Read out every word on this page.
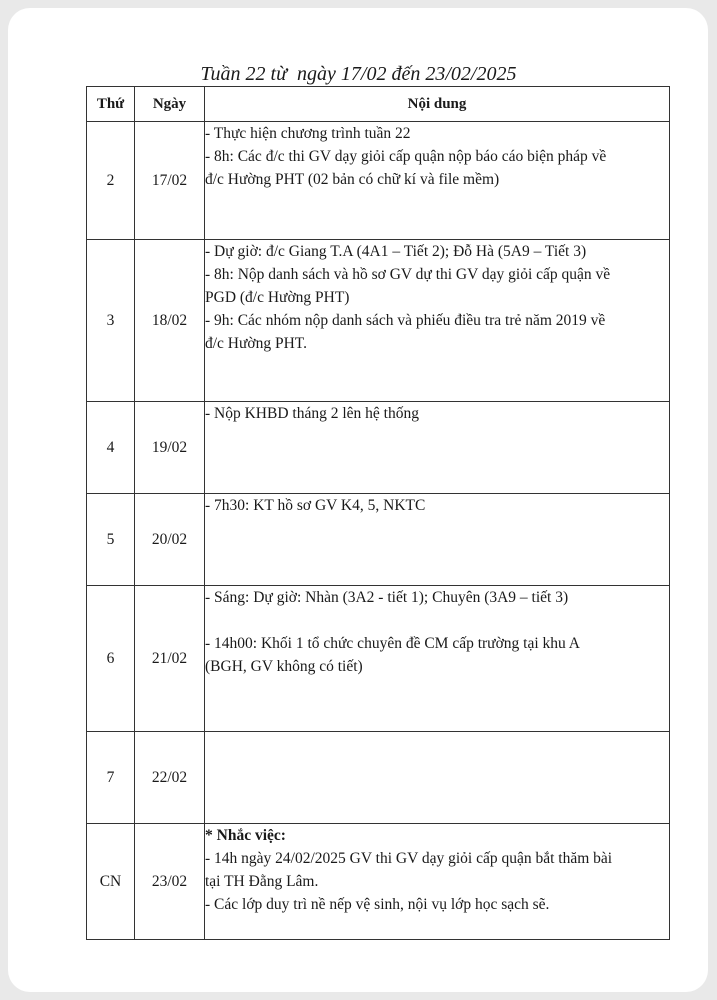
Tuần 22 từ  ngày 17/02 đến 23/02/2025
Thứ	Ngày	Nội dung
2	17/02	- Thực hiện chương trình tuần 22
- 8h: Các đ/c thi GV dạy giỏi cấp quận nộp báo cáo biện pháp về
đ/c Hường PHT (02 bản có chữ kí và file mềm)

3	18/02	- Dự giờ: đ/c Giang T.A (4A1 – Tiết 2); Đỗ Hà (5A9 – Tiết 3)
- 8h: Nộp danh sách và hồ sơ GV dự thi GV dạy giỏi cấp quận về
PGD (đ/c Hường PHT)
- 9h: Các nhóm nộp danh sách và phiếu điều tra trẻ năm 2019 về
đ/c Hường PHT.

4	19/02	- Nộp KHBD tháng 2 lên hệ thống

5	20/02	- 7h30: KT hồ sơ GV K4, 5, NKTC

6	21/02	- Sáng: Dự giờ: Nhàn (3A2 - tiết 1); Chuyên (3A9 – tiết 3)
- 14h00: Khối 1 tổ chức chuyên đề CM cấp trường tại khu A
(BGH, GV không có tiết)

7	22/02	
CN	23/02	* Nhắc việc:
- 14h ngày 24/02/2025 GV thi GV dạy giỏi cấp quận bắt thăm bài
tại TH Đằng Lâm.
- Các lớp duy trì nề nếp vệ sinh, nội vụ lớp học sạch sẽ.
